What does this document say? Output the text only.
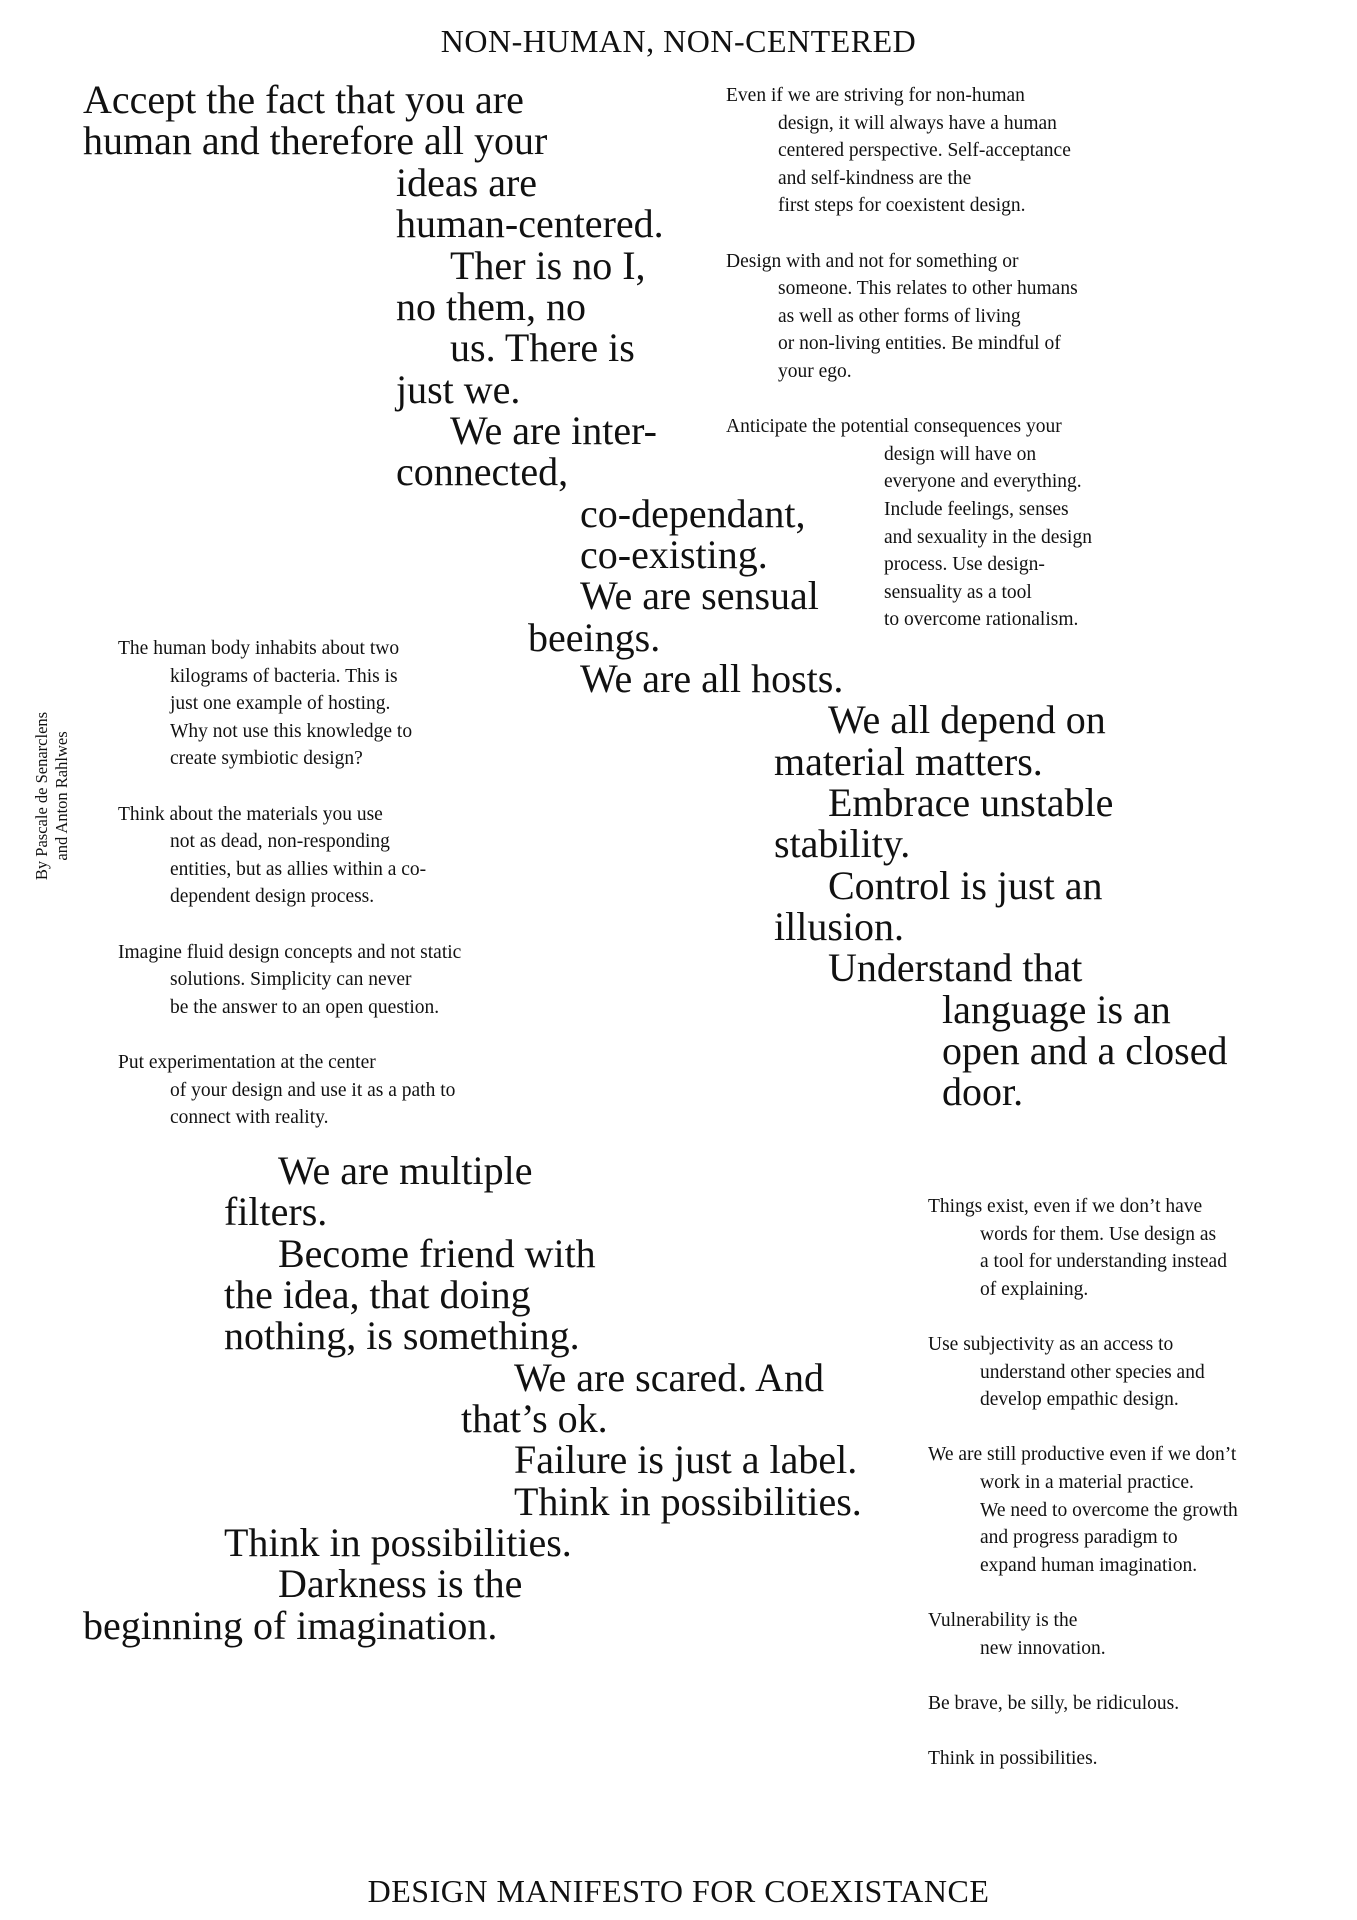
NON-HUMAN, NON-CENTERED
By Pascale de Senarclens and Anton Rahlwes
Accept the fact that you are
human and therefore all your
ideas are
human-centered.
Ther is no I,
no them, no
us. There is
just we.
We are inter-
connected,
co-dependant,
co-existing.
We are sensual
beeings.
We are all hosts.
We all depend on
material matters.
Embrace unstable
stability.
Control is just an
illusion.
Understand that
language is an
open and a closed
door.
We are multiple
filters.
Become friend with
the idea, that doing
nothing, is something.
We are scared. And
that’s ok.
Failure is just a label.
Think in possibilities.
Think in possibilities.
Darkness is the
beginning of imagination.
Even if we are striving for non-human
design, it will always have a human
centered perspective. Self-acceptance
and self-kindness are the
first steps for coexistent design.
Design with and not for something or
someone. This relates to other humans
as well as other forms of living
or non-living entities. Be mindful of
your ego.
Anticipate the potential consequences your
design will have on
everyone and everything.
Include feelings, senses
and sexuality in the design
process. Use design-
sensuality as a tool
to overcome rationalism.
The human body inhabits about two
kilograms of bacteria. This is
just one example of hosting.
Why not use this knowledge to
create symbiotic design?
Think about the materials you use
not as dead, non-responding
entities, but as allies within a co-
dependent design process.
Imagine fluid design concepts and not static
solutions. Simplicity can never
be the answer to an open question.
Put experimentation at the center
of your design and use it as a path to
connect with reality.
Things exist, even if we don’t have
words for them. Use design as
a tool for understanding instead
of explaining.
Use subjectivity as an access to
understand other species and
develop empathic design.
We are still productive even if we don’t
work in a material practice.
We need to overcome the growth
and progress paradigm to
expand human imagination.
Vulnerability is the
new innovation.
Be brave, be silly, be ridiculous.
Think in possibilities.
DESIGN MANIFESTO FOR COEXISTANCE
